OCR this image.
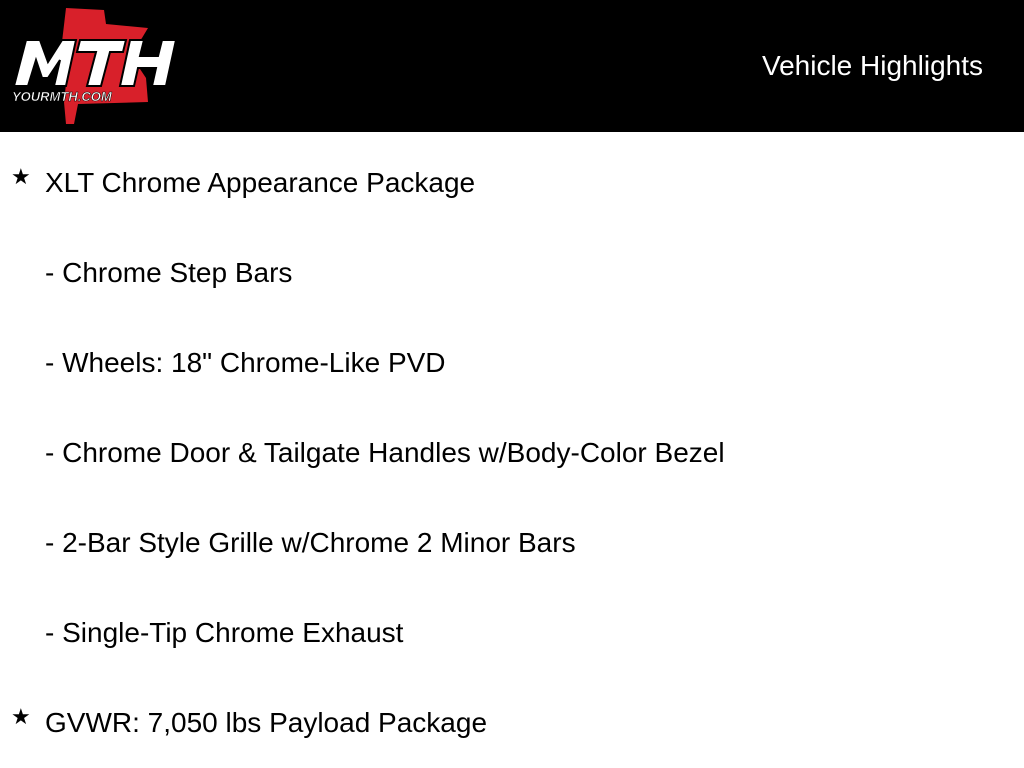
YOURMTH.COM
Vehicle Highlights
★ XLT Chrome Appearance Package
- Chrome Step Bars
- Wheels: 18" Chrome-Like PVD
- Chrome Door & Tailgate Handles w/Body-Color Bezel
- 2-Bar Style Grille w/Chrome 2 Minor Bars
- Single-Tip Chrome Exhaust
★ GVWR: 7,050 lbs Payload Package
